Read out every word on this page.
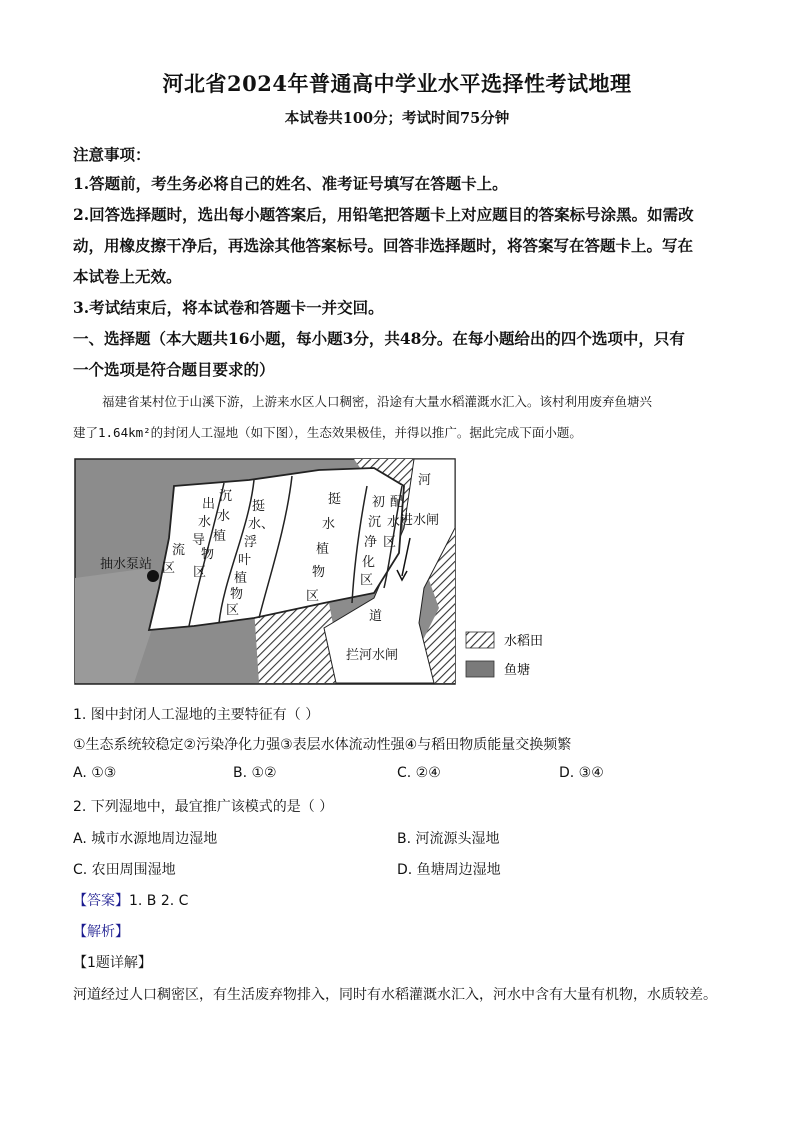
河北省2024年普通高中学业水平选择性考试地理
本试卷共100分；考试时间75分钟
注意事项：
1.答题前，考生务必将自己的姓名、准考证号填写在答题卡上。
2.回答选择题时，选出每小题答案后，用铅笔把答题卡上对应题目的答案标号涂黑。如需改
动，用橡皮擦干净后，再选涂其他答案标号。回答非选择题时，将答案写在答题卡上。写在
本试卷上无效。
3.考试结束后，将本试卷和答题卡一并交回。
一、选择题（本大题共16小题，每小题3分，共48分。在每小题给出的四个选项中，只有
一个选项是符合题目要求的）
福建省某村位于山溪下游，上游来水区人口稠密，沿途有大量水稻灌溉水汇入。该村利用废弃鱼塘兴
建了1.64km²的封闭人工湿地（如下图），生态效果极佳，并得以推广。据此完成下面小题。
出
水
导
流
区
沉
水
植
物
区
挺
水、
浮
叶
植
物
区
挺
水
植
物
区
初
沉
净
化
区
配
水
区
河
道
进水闸
抽水泵站
拦河水闸
水稻田
鱼塘
1. 图中封闭人工湿地的主要特征有（ ）
①生态系统较稳定②污染净化力强③表层水体流动性强④与稻田物质能量交换频繁
A. ①③	B. ①②	C. ②④	D. ③④
2. 下列湿地中，最宜推广该模式的是（ ）
A. 城市水源地周边湿地	B. 河流源头湿地
C. 农田周围湿地	D. 鱼塘周边湿地
【答案】1. B 2. C
【解析】
【1题详解】
河道经过人口稠密区，有生活废弃物排入，同时有水稻灌溉水汇入，河水中含有大量有机物，水质较差。
